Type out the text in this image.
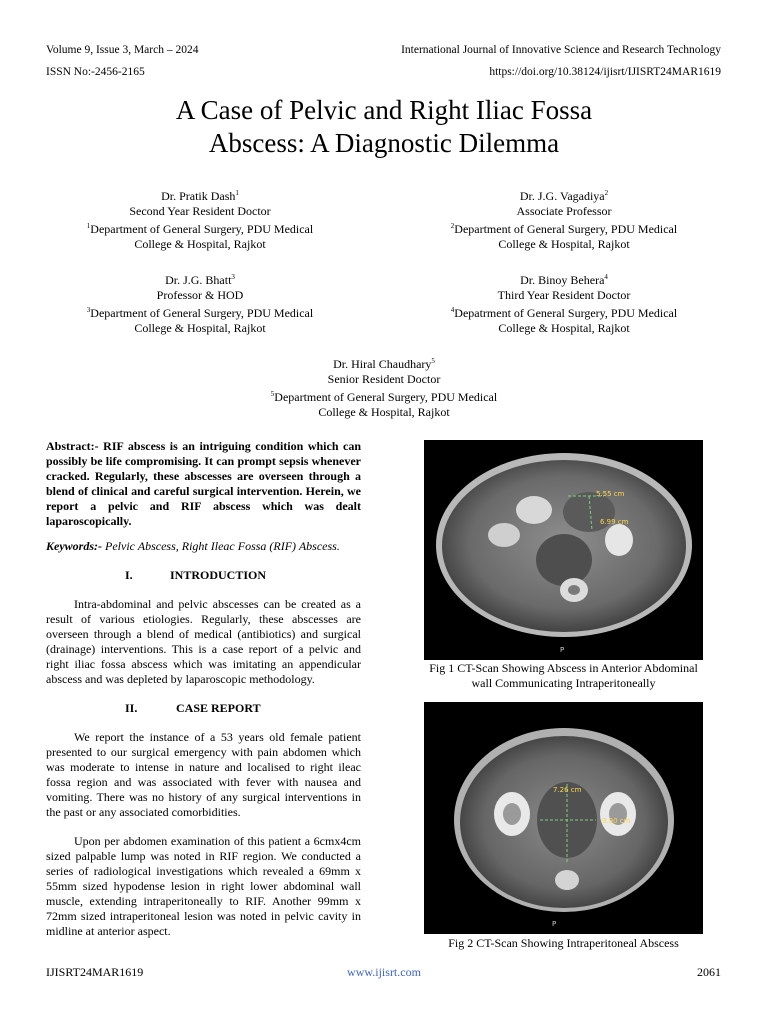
Volume 9, Issue 3, March – 2024	International Journal of Innovative Science and Research Technology
ISSN No:-2456-2165	https://doi.org/10.38124/ijisrt/IJISRT24MAR1619
A Case of Pelvic and Right Iliac Fossa
Abscess: A Diagnostic Dilemma
Dr. Pratik Dash$^1$
Second Year Resident Doctor
$^1$Department of General Surgery, PDU Medical
College & Hospital, Rajkot
Dr. J.G. Vagadiya$^2$
Associate Professor
$^2$Department of General Surgery, PDU Medical
College & Hospital, Rajkot
Dr. J.G. Bhatt$^3$
Professor & HOD
$^3$Department of General Surgery, PDU Medical
College & Hospital, Rajkot
Dr. Binoy Behera$^4$
Third Year Resident Doctor
$^4$Depatrment of General Surgery, PDU Medical
College & Hospital, Rajkot
Dr. Hiral Chaudhary$^5$
Senior Resident Doctor
$^5$Department of General Surgery, PDU Medical
College & Hospital, Rajkot

Abstract:- RIF abscess is an intriguing condition which can possibly be life compromising. It can prompt sepsis whenever cracked. Regularly, these abscesses are overseen through a blend of clinical and careful surgical intervention. Herein, we report a pelvic and RIF abscess which was dealt laparoscopically.

Keywords:- Pelvic Abscess, Right Ileac Fossa (RIF) Abscess.

I.	INTRODUCTION

Intra-abdominal and pelvic abscesses can be created as a result of various etiologies. Regularly, these abscesses are overseen through a blend of medical (antibiotics) and surgical (drainage) interventions. This is a case report of a pelvic and right iliac fossa abscess which was imitating an appendicular abscess and was depleted by laparoscopic methodology.

II.	CASE REPORT

We report the instance of a 53 years old female patient presented to our surgical emergency with pain abdomen which was moderate to intense in nature and localised to right ileac fossa region and was associated with fever with nausea and vomiting. There was no history of any surgical interventions in the past or any associated comorbidities.

Upon per abdomen examination of this patient a 6cmx4cm sized palpable lump was noted in RIF region. We conducted a series of radiological investigations which revealed a 69mm x 55mm sized hypodense lesion in right lower abdominal wall muscle, extending intraperitoneally to RIF. Another 99mm x 72mm sized intraperitoneal lesion was noted in pelvic cavity in midline at anterior aspect.

5.55 cm
6.99 cm
P
Fig 1 CT-Scan Showing Abscess in Anterior Abdominal wall Communicating Intraperitoneally
7.26 cm
9.90 cm
P
Fig 2 CT-Scan Showing Intraperitoneal Abscess
IJISRT24MAR1619	www.ijisrt.com	2061
